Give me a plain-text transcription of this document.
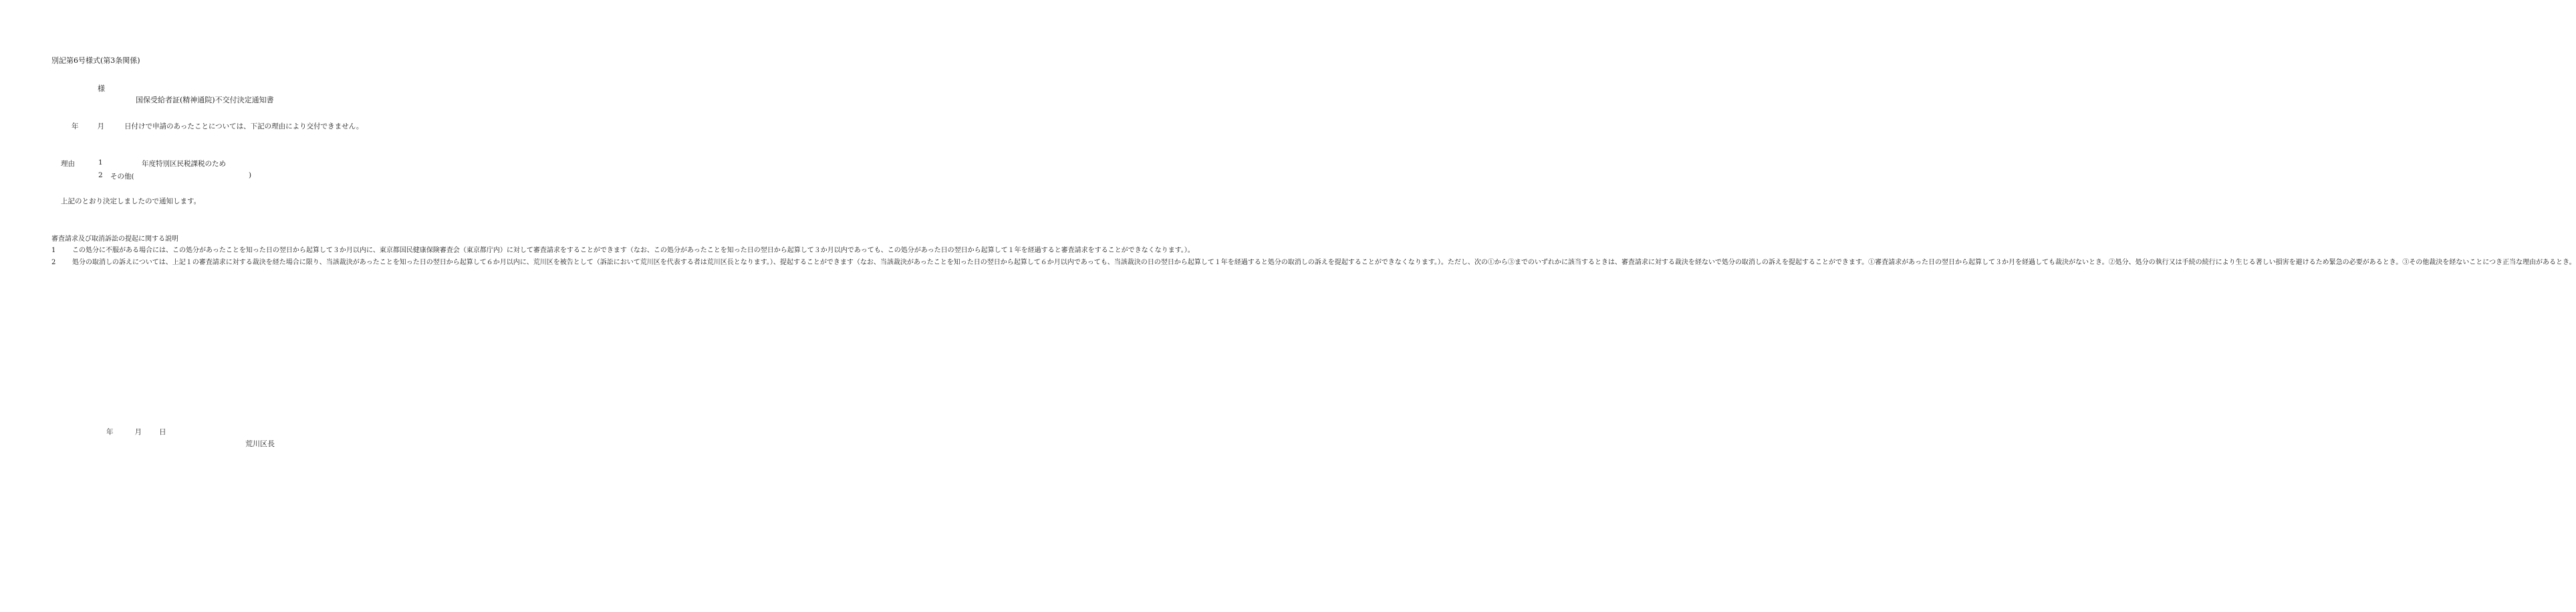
別記第6号様式(第3条関係)
様
国保受給者証(精神通院)不交付決定通知書
年	月	日付けで申請のあったことについては、下記の理由により交付できません。
理由	1	年度特別区民税課税のため
2 その他(	)
上記のとおり決定しましたので通知します。
審査請求及び取消訴訟の提起に関する説明
1	この処分に不服がある場合には、この処分があったことを知った日の翌日から起算して３か月以内に、東京都国民健康保険審査会（東京都庁内）に対して審査請求をすることができます（なお、この処分があったことを知った日の翌日から起算して３か月以内であっても、この処分があった日の翌日から起算して１年を経過すると審査請求をすることができなくなります。）。
2	処分の取消しの訴えについては、上記１の審査請求に対する裁決を経た場合に限り、当該裁決があったことを知った日の翌日から起算して６か月以内に、荒川区を被告として（訴訟において荒川区を代表する者は荒川区長となります。）、提起することができます（なお、当該裁決があったことを知った日の翌日から起算して６か月以内であっても、当該裁決の日の翌日から起算して１年を経過すると処分の取消しの訴えを提起することができなくなります。）。ただし、次の①から③までのいずれかに該当するときは、審査請求に対する裁決を経ないで処分の取消しの訴えを提起することができます。①審査請求があった日の翌日から起算して３か月を経過しても裁決がないとき。②処分、処分の執行又は手続の続行により生じる著しい損害を避けるため緊急の必要があるとき。③その他裁決を経ないことにつき正当な理由があるとき。
年	月 日
荒川区長
